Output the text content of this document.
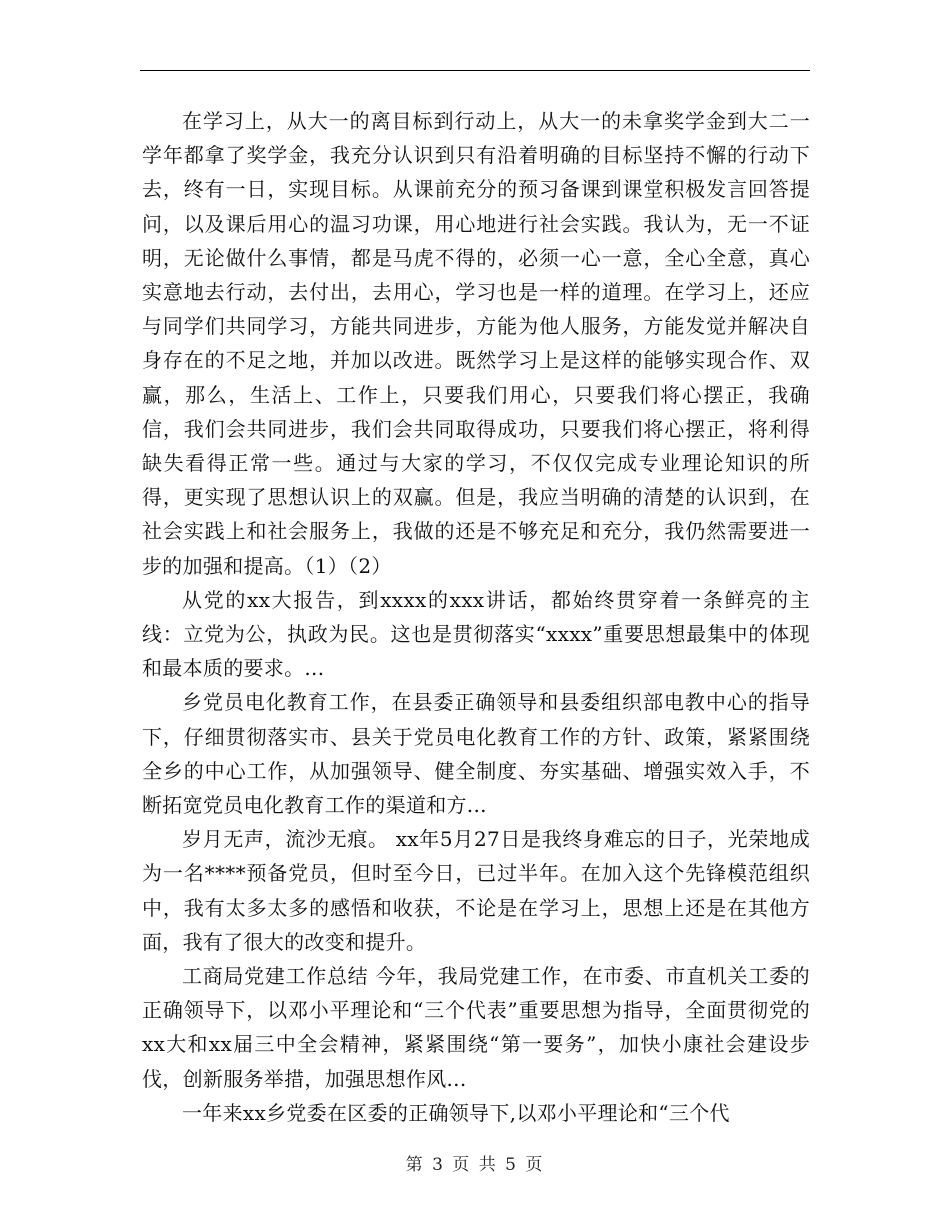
在学习上，从大一的离目标到行动上，从大一的未拿奖学金到大二一学年都拿了奖学金，我充分认识到只有沿着明确的目标坚持不懈的行动下去，终有一日，实现目标。从课前充分的预习备课到课堂积极发言回答提问，以及课后用心的温习功课，用心地进行社会实践。我认为，无一不证明，无论做什么事情，都是马虎不得的，必须一心一意，全心全意，真心实意地去行动，去付出，去用心，学习也是一样的道理。在学习上，还应与同学们共同学习，方能共同进步，方能为他人服务，方能发觉并解决自身存在的不足之地，并加以改进。既然学习上是这样的能够实现合作、双赢，那么，生活上、工作上，只要我们用心，只要我们将心摆正，我确信，我们会共同进步，我们会共同取得成功，只要我们将心摆正，将利得缺失看得正常一些。通过与大家的学习，不仅仅完成专业理论知识的所得，更实现了思想认识上的双赢。但是，我应当明确的清楚的认识到，在社会实践上和社会服务上，我做的还是不够充足和充分，我仍然需要进一步的加强和提高。（1）（2）

从党的xx大报告，到xxxx的xxx讲话，都始终贯穿着一条鲜亮的主线：立党为公，执政为民。这也是贯彻落实“xxxx”重要思想最集中的体现和最本质的要求。...

乡党员电化教育工作，在县委正确领导和县委组织部电教中心的指导下，仔细贯彻落实市、县关于党员电化教育工作的方针、政策，紧紧围绕全乡的中心工作，从加强领导、健全制度、夯实基础、增强实效入手，不断拓宽党员电化教育工作的渠道和方...

岁月无声，流沙无痕。 xx年5月27日是我终身难忘的日子，光荣地成为一名****预备党员，但时至今日，已过半年。在加入这个先锋模范组织中，我有太多太多的感悟和收获，不论是在学习上，思想上还是在其他方面，我有了很大的改变和提升。

工商局党建工作总结 今年，我局党建工作，在市委、市直机关工委的正确领导下，以邓小平理论和“三个代表”重要思想为指导，全面贯彻党的xx大和xx届三中全会精神，紧紧围绕“第一要务”，加快小康社会建设步伐，创新服务举措，加强思想作风...

一年来xx乡党委在区委的正确领导下,以邓小平理论和“三个代

第 3 页 共 5 页
